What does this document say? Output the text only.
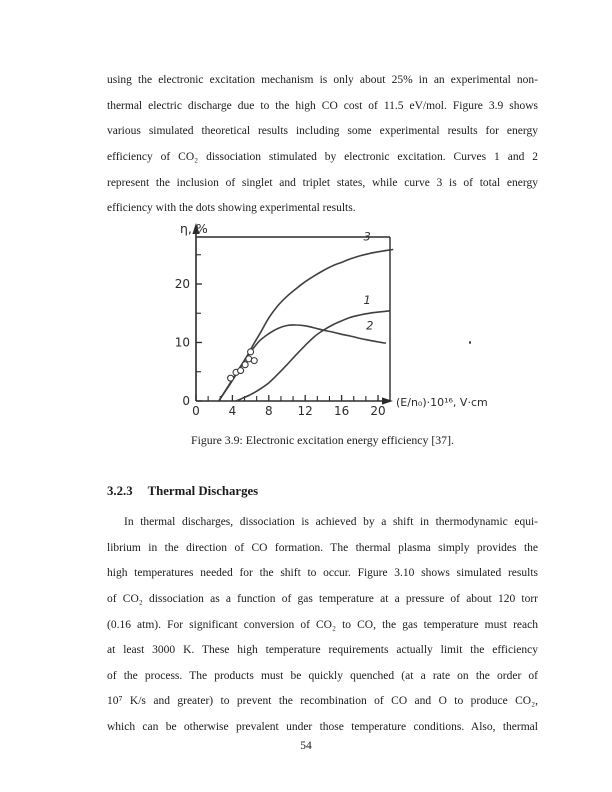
using the electronic excitation mechanism is only about 25% in an experimental non-
thermal electric discharge due to the high CO cost of 11.5 eV/mol. Figure 3.9 shows
various simulated theoretical results including some experimental results for energy
efficiency of CO₂ dissociation stimulated by electronic excitation. Curves 1 and 2
represent the inclusion of singlet and triplet states, while curve 3 is of total energy
efficiency with the dots showing experimental results.
0 4 8 12 16 20
0
10
20
η, %
(E/n₀)·10¹⁶, V·cm²
1
2
3
Figure 3.9: Electronic excitation energy efficiency [37].
3.2.3 Thermal Discharges
In thermal discharges, dissociation is achieved by a shift in thermodynamic equi-
librium in the direction of CO formation. The thermal plasma simply provides the
high temperatures needed for the shift to occur. Figure 3.10 shows simulated results
of CO₂ dissociation as a function of gas temperature at a pressure of about 120 torr
(0.16 atm). For significant conversion of CO₂ to CO, the gas temperature must reach
at least 3000 K. These high temperature requirements actually limit the efficiency
of the process. The products must be quickly quenched (at a rate on the order of
10⁷ K/s and greater) to prevent the recombination of CO and O to produce CO₂,
which can be otherwise prevalent under those temperature conditions. Also, thermal
54
